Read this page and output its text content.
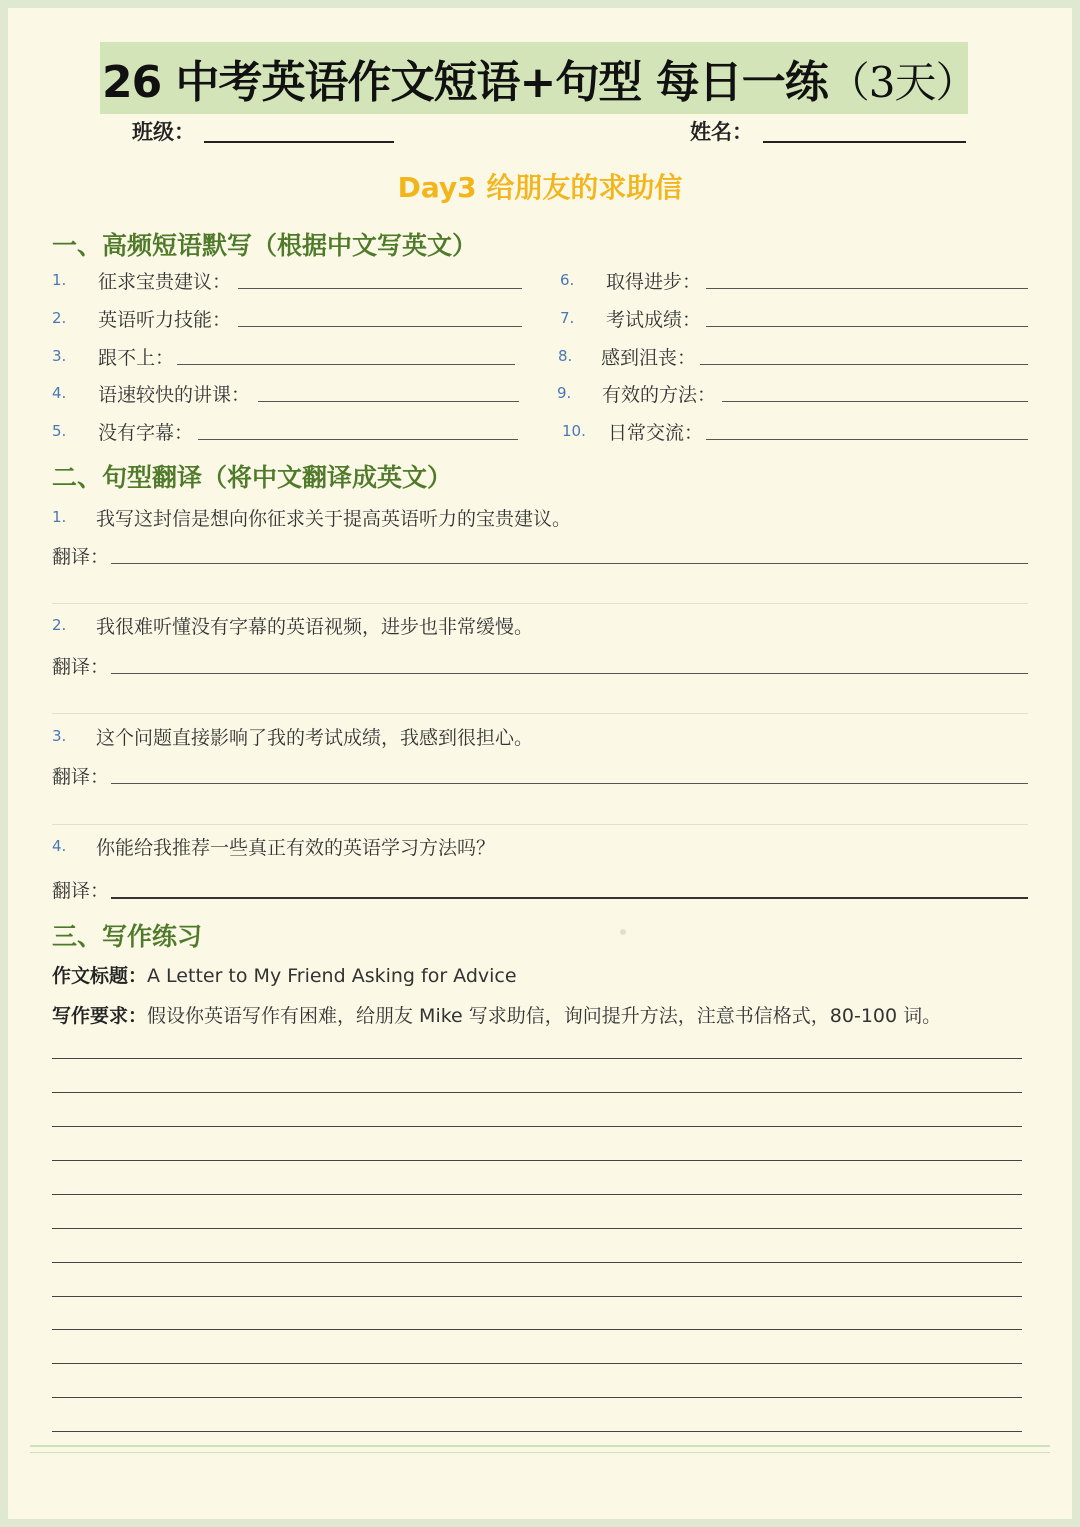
26 中考英语作文短语+句型 每日一练（3天）
班级：	姓名：
Day3 给朋友的求助信
一、高频短语默写（根据中文写英文）
1. 征求宝贵建议：
2. 英语听力技能：
3. 跟不上：
4. 语速较快的讲课：
5. 没有字幕：
6. 取得进步：
7. 考试成绩：
8. 感到沮丧：
9. 有效的方法：
10. 日常交流：
二、句型翻译（将中文翻译成英文）
1. 我写这封信是想向你征求关于提高英语听力的宝贵建议。
翻译：
2. 我很难听懂没有字幕的英语视频，进步也非常缓慢。
翻译：
3. 这个问题直接影响了我的考试成绩，我感到很担心。
翻译：
4. 你能给我推荐一些真正有效的英语学习方法吗？
翻译：
三、写作练习
作文标题：A Letter to My Friend Asking for Advice
写作要求：假设你英语写作有困难，给朋友 Mike 写求助信，询问提升方法，注意书信格式，80-100 词。
